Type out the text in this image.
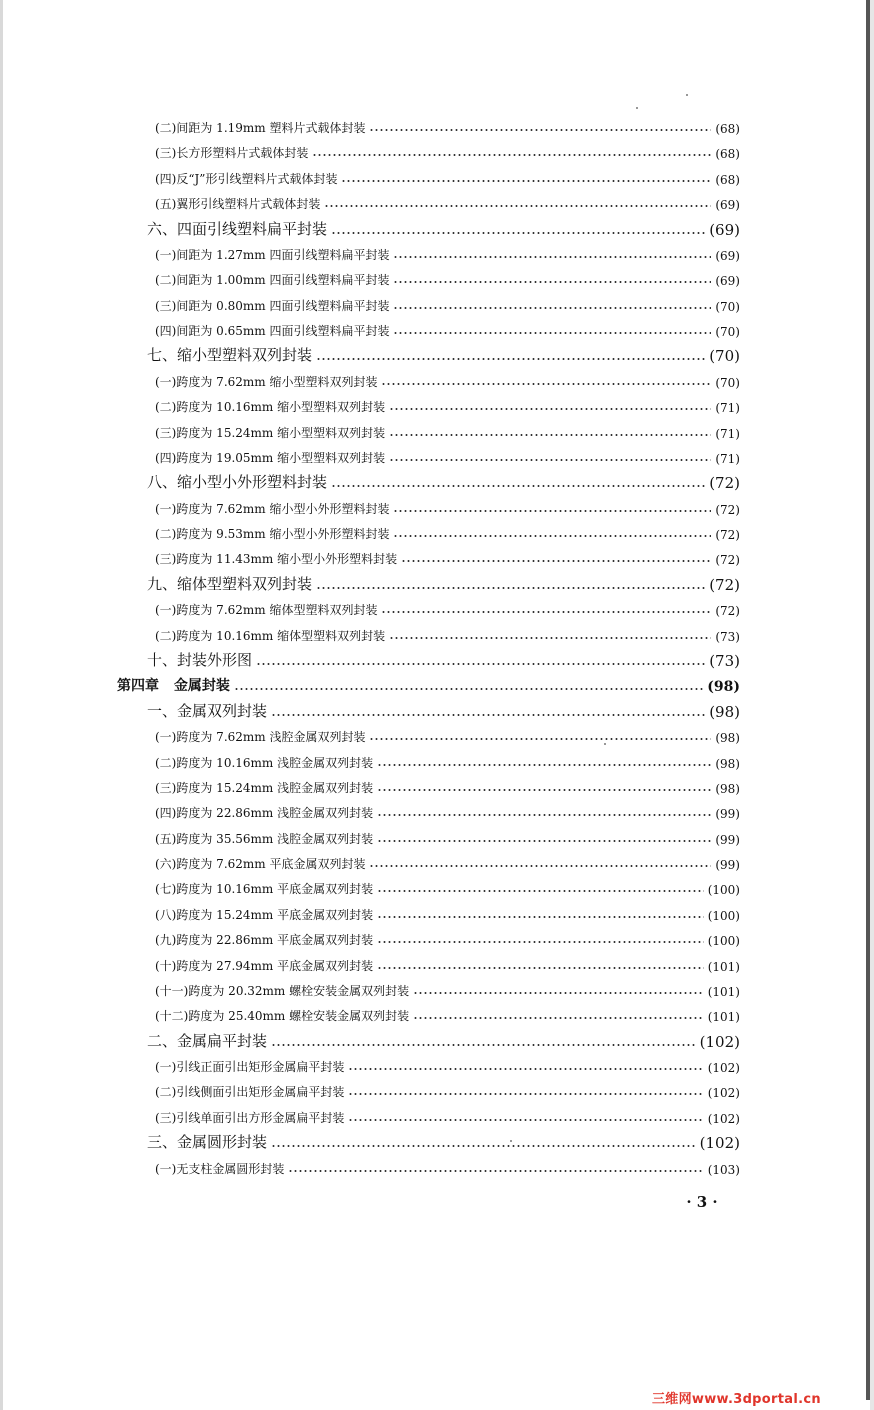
(二)间距为 1.19mm 塑料片式载体封装	(68)
(三)长方形塑料片式载体封装	(68)
(四)反“J”形引线塑料片式载体封装	(68)
(五)翼形引线塑料片式载体封装	(69)
六、四面引线塑料扁平封装	(69)
(一)间距为 1.27mm 四面引线塑料扁平封装	(69)
(二)间距为 1.00mm 四面引线塑料扁平封装	(69)
(三)间距为 0.80mm 四面引线塑料扁平封装	(70)
(四)间距为 0.65mm 四面引线塑料扁平封装	(70)
七、缩小型塑料双列封装	(70)
(一)跨度为 7.62mm 缩小型塑料双列封装	(70)
(二)跨度为 10.16mm 缩小型塑料双列封装	(71)
(三)跨度为 15.24mm 缩小型塑料双列封装	(71)
(四)跨度为 19.05mm 缩小型塑料双列封装	(71)
八、缩小型小外形塑料封装	(72)
(一)跨度为 7.62mm 缩小型小外形塑料封装	(72)
(二)跨度为 9.53mm 缩小型小外形塑料封装	(72)
(三)跨度为 11.43mm 缩小型小外形塑料封装	(72)
九、缩体型塑料双列封装	(72)
(一)跨度为 7.62mm 缩体型塑料双列封装	(72)
(二)跨度为 10.16mm 缩体型塑料双列封装	(73)
十、封装外形图	(73)
第四章 金属封装	(98)
一、金属双列封装	(98)
(一)跨度为 7.62mm 浅腔金属双列封装	(98)
(二)跨度为 10.16mm 浅腔金属双列封装	(98)
(三)跨度为 15.24mm 浅腔金属双列封装	(98)
(四)跨度为 22.86mm 浅腔金属双列封装	(99)
(五)跨度为 35.56mm 浅腔金属双列封装	(99)
(六)跨度为 7.62mm 平底金属双列封装	(99)
(七)跨度为 10.16mm 平底金属双列封装	(100)
(八)跨度为 15.24mm 平底金属双列封装	(100)
(九)跨度为 22.86mm 平底金属双列封装	(100)
(十)跨度为 27.94mm 平底金属双列封装	(101)
(十一)跨度为 20.32mm 螺栓安装金属双列封装	(101)
(十二)跨度为 25.40mm 螺栓安装金属双列封装	(101)
二、金属扁平封装	(102)
(一)引线正面引出矩形金属扁平封装	(102)
(二)引线侧面引出矩形金属扁平封装	(102)
(三)引线单面引出方形金属扁平封装	(102)
三、金属圆形封装	(102)
(一)无支柱金属圆形封装	(103)
· 3 ·
三维网www.3dportal.cn
